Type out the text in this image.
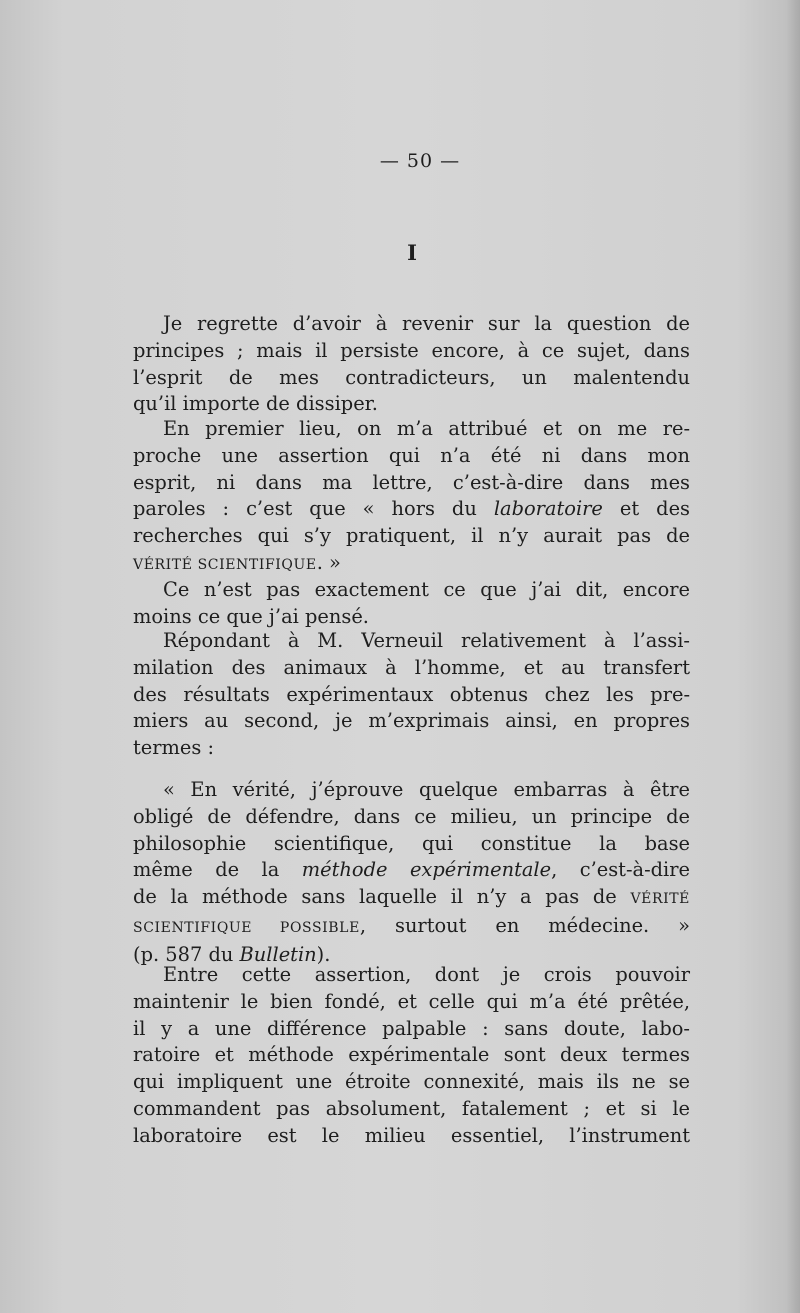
— 50 —
I
Je regrette d’avoir à revenir sur la question de
principes ; mais il persiste encore, à ce sujet, dans
l’esprit de mes contradicteurs, un malentendu
qu’il importe de dissiper.
En premier lieu, on m’a attribué et on me re-
proche une assertion qui n’a été ni dans mon
esprit, ni dans ma lettre, c’est-à-dire dans mes
paroles : c’est que « hors du laboratoire et des
recherches qui s’y pratiquent, il n’y aurait pas de
VÉRITÉ SCIENTIFIQUE. »
Ce n’est pas exactement ce que j’ai dit, encore
moins ce que j’ai pensé.
Répondant à M. Verneuil relativement à l’assi-
milation des animaux à l’homme, et au transfert
des résultats expérimentaux obtenus chez les pre-
miers au second, je m’exprimais ainsi, en propres
termes :
« En vérité, j’éprouve quelque embarras à être
obligé de défendre, dans ce milieu, un principe de
philosophie scientifique, qui constitue la base
même de la méthode expérimentale, c’est-à-dire
de la méthode sans laquelle il n’y a pas de VÉRITÉ
SCIENTIFIQUE POSSIBLE, surtout en médecine. »
(p. 587 du Bulletin).
Entre cette assertion, dont je crois pouvoir
maintenir le bien fondé, et celle qui m’a été prêtée,
il y a une différence palpable : sans doute, labo-
ratoire et méthode expérimentale sont deux termes
qui impliquent une étroite connexité, mais ils ne se
commandent pas absolument, fatalement ; et si le
laboratoire est le milieu essentiel, l’instrument
